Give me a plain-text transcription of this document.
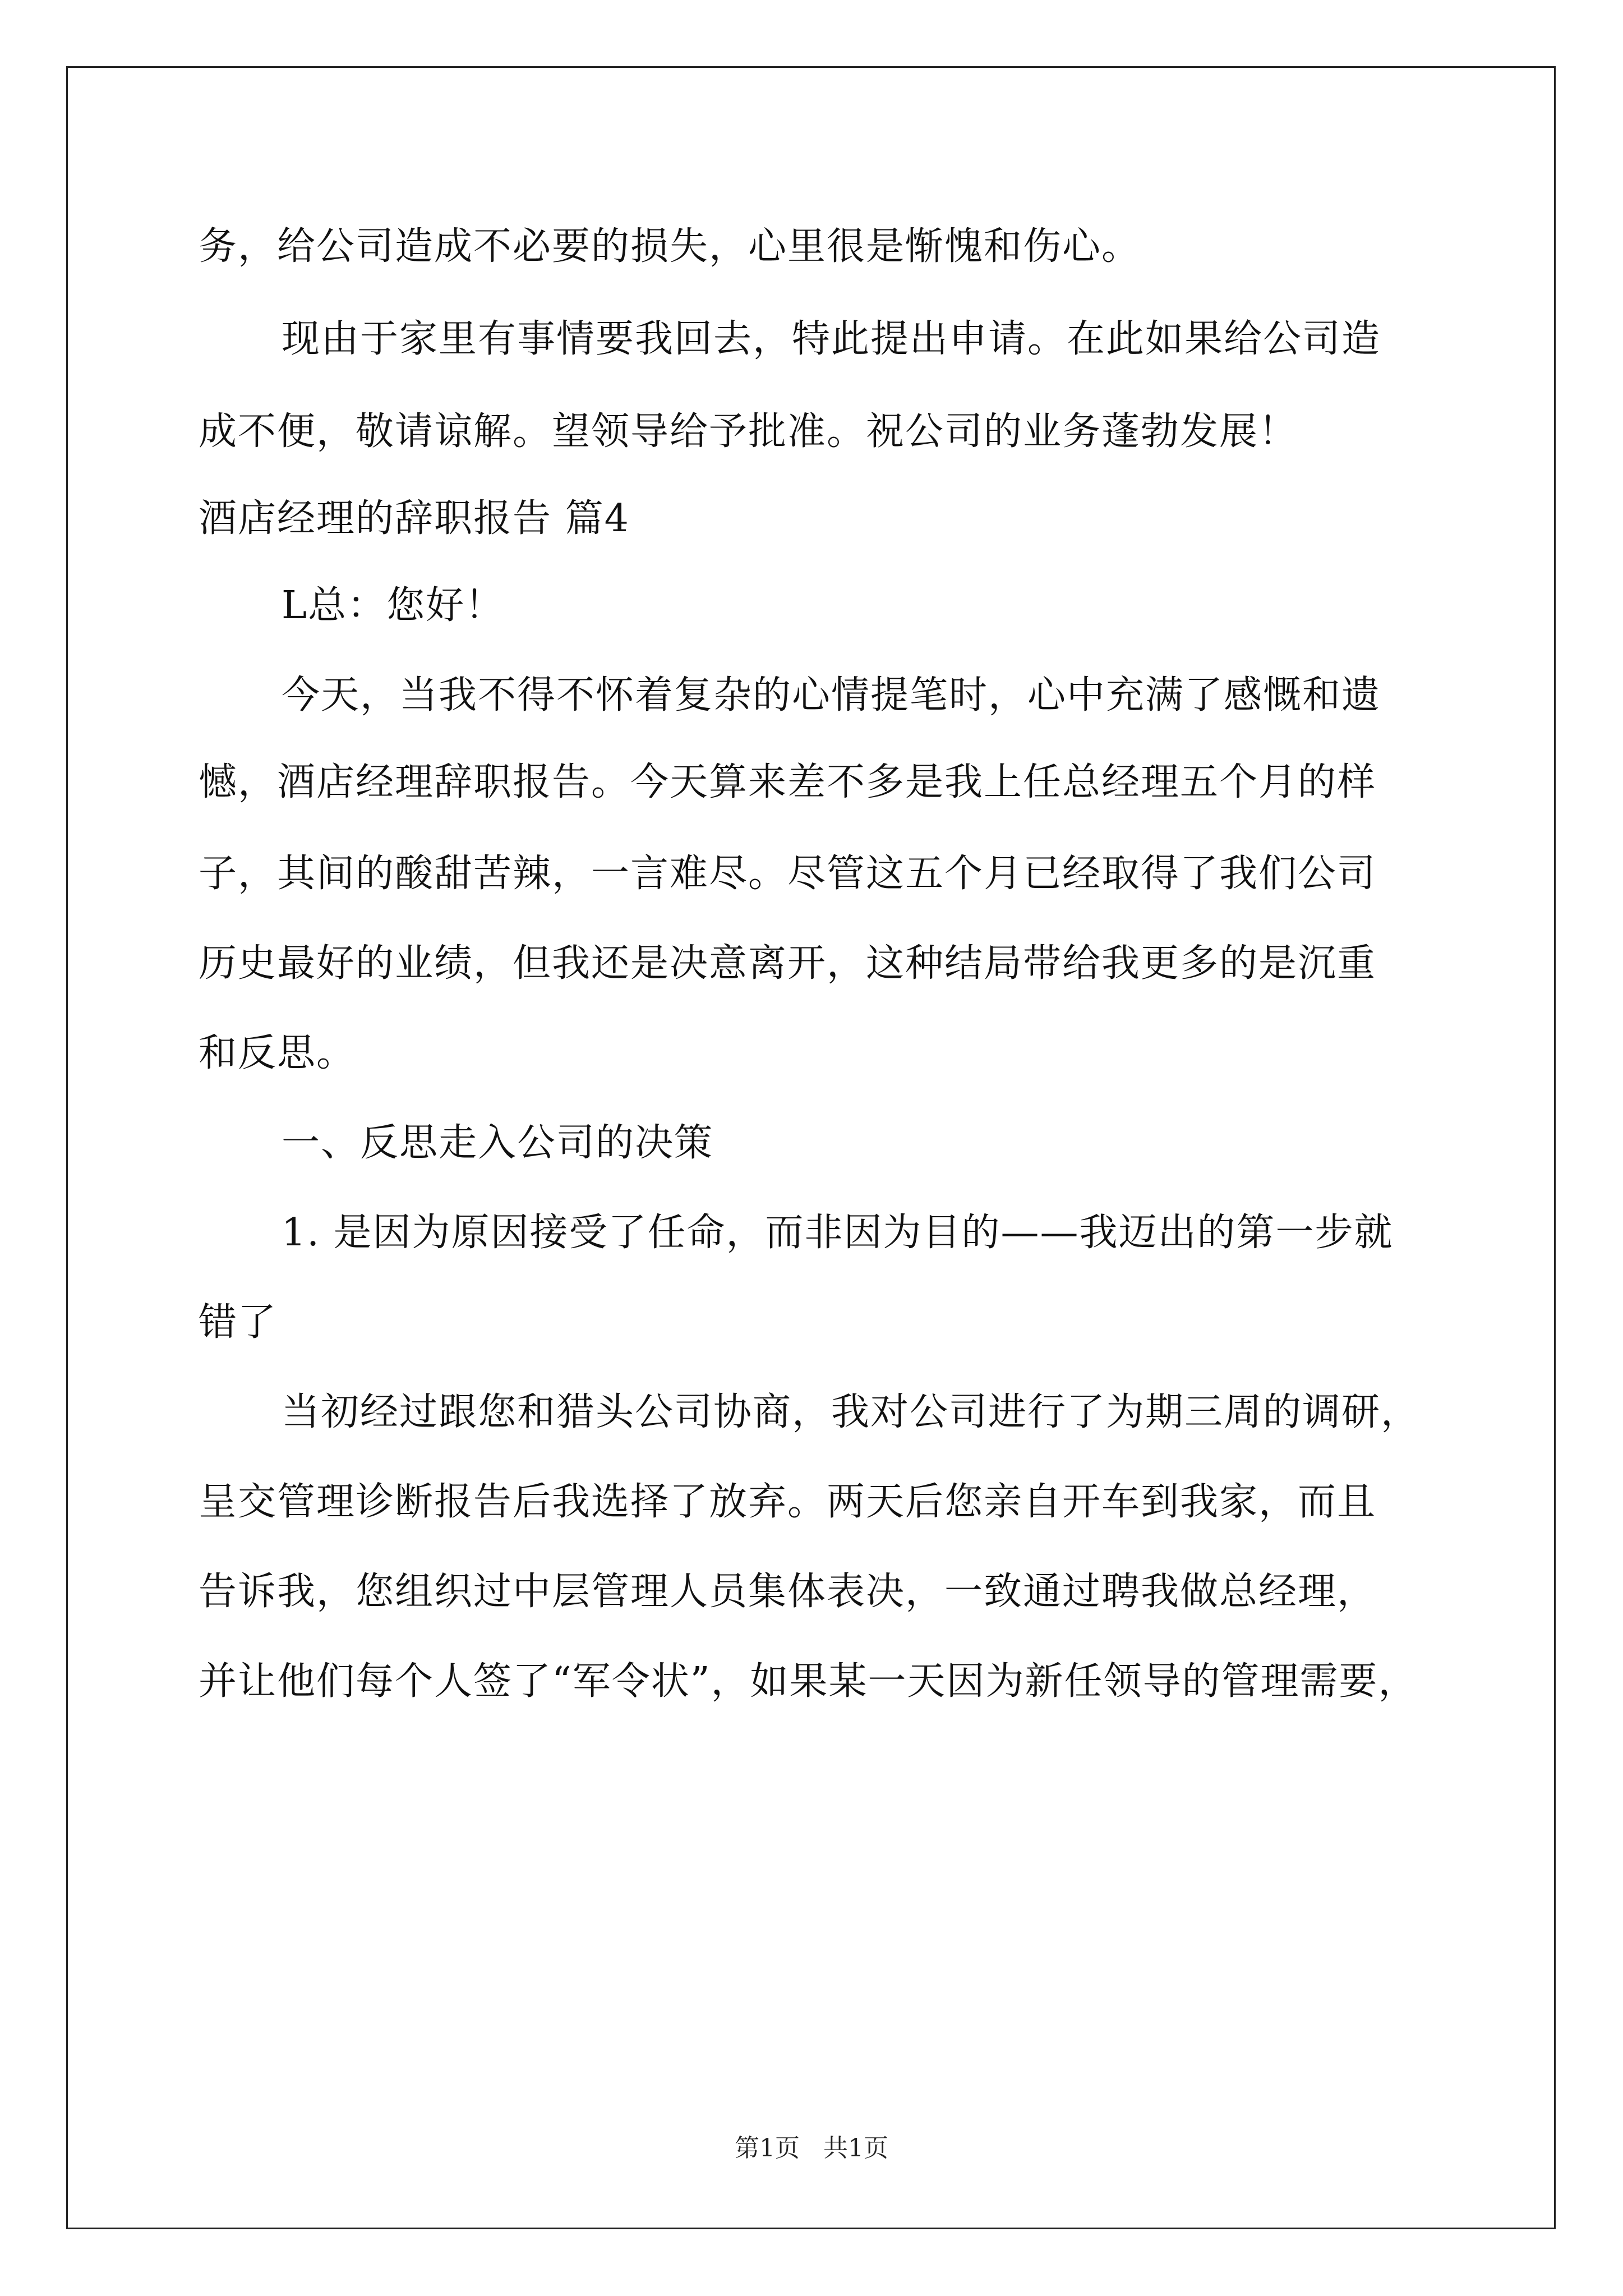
务，给公司造成不必要的损失，心里很是惭愧和伤心。
现由于家里有事情要我回去，特此提出申请。在此如果给公司造
成不便，敬请谅解。望领导给予批准。祝公司的业务蓬勃发展！
酒店经理的辞职报告 篇4
L总：您好！
今天，当我不得不怀着复杂的心情提笔时，心中充满了感慨和遗
憾，酒店经理辞职报告。今天算来差不多是我上任总经理五个月的样
子，其间的酸甜苦辣，一言难尽。尽管这五个月已经取得了我们公司
历史最好的业绩，但我还是决意离开，这种结局带给我更多的是沉重
和反思。
一、反思走入公司的决策
1. 是因为原因接受了任命，而非因为目的——我迈出的第一步就
错了
当初经过跟您和猎头公司协商，我对公司进行了为期三周的调研，
呈交管理诊断报告后我选择了放弃。两天后您亲自开车到我家，而且
告诉我，您组织过中层管理人员集体表决，一致通过聘我做总经理，
并让他们每个人签了“军令状”，如果某一天因为新任领导的管理需要，
第1页 共1页
